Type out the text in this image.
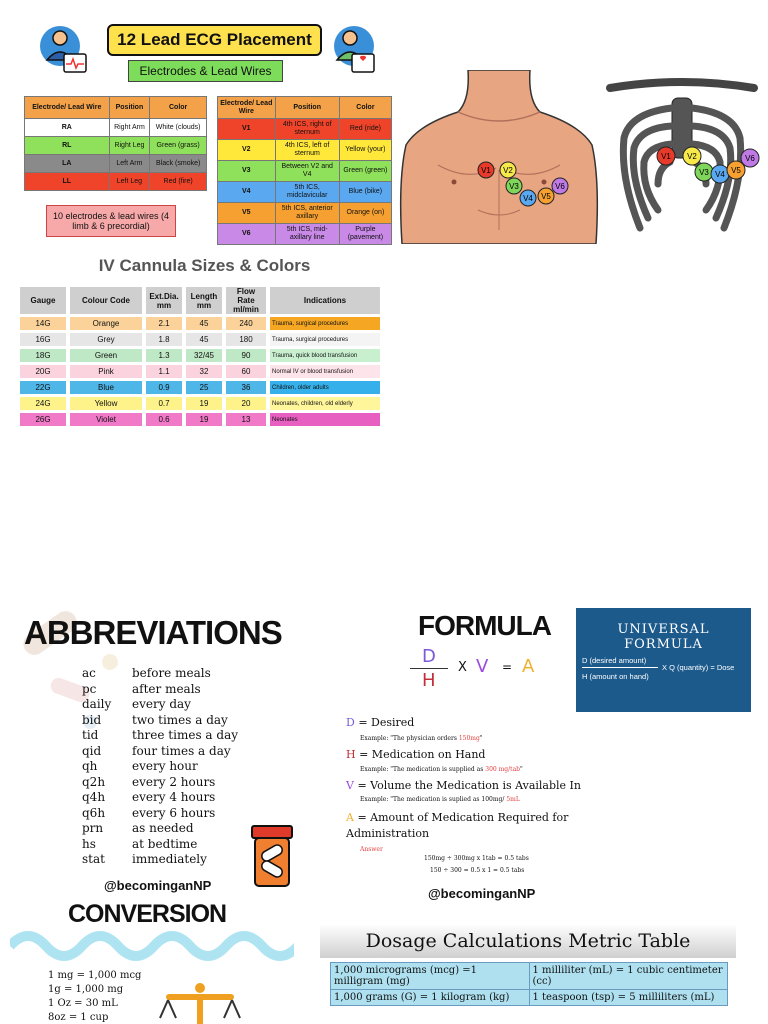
12 Lead ECG Placement
Electrodes & Lead Wires
Electrode/ Lead Wire	Position	Color
RA	Right Arm	White (clouds)
RL	Right Leg	Green (grass)
LA	Left Arm	Black (smoke)
LL	Left Leg	Red (fire)
Electrode/ Lead Wire	Position	Color
V1	4th ICS, right of sternum	Red (ride)
V2	4th ICS, left of sternum	Yellow (your)
V3	Between V2 and V4	Green (green)
V4	5th ICS, midclavicular	Blue (bike)
V5	5th ICS, anterior axillary	Orange (on)
V6	5th ICS, mid-axillary line	Purple (pavement)
10 electrodes & lead wires (4 limb & 6 precordial)
V1 V2
V3
V4 V5
V6
V1 V2
V3 V4 V5
V6
IV Cannula Sizes & Colors
Gauge	Colour Code	Ext.Dia. mm	Length mm	Flow Rate ml/min	Indications
14G	Orange	2.1	45	240	Trauma, surgical procedures
16G	Grey	1.8	45	180	Trauma, surgical procedures
18G	Green	1.3	32/45	90	Trauma, quick blood transfusion
20G	Pink	1.1	32	60	Normal IV or blood transfusion
22G	Blue	0.9	25	36	Children, older adults
24G	Yellow	0.7	19	20	Neonates, children, old elderly
26G	Violet	0.6	19	13	Neonates
ABBREVIATIONS
ac	before meals
pc	after meals
daily every day
bid	two times a day
tid	three times a day
qid	four times a day
qh	every hour
q2h every 2 hours
q4h every 4 hours
q6h every 6 hours
prn as needed
hs	at bedtime
stat immediately
@becominganNP
FORMULA
D
H
X V = A
UNIVERSAL FORMULA
D (desired amount)
X Q (quantity) = Dose
H (amount on hand)
D = Desired
Example: "The physician orders 150mg"
H = Medication on Hand
Example: "The medication is supplied as 300 mg/tab"
V = Volume the Medication is Available In
Example: "The medication is suplied as 100mg/ 5mL
A = Amount of Medication Required for
Administration
Answer
150mg ÷ 300mg x 1tab = 0.5 tabs
150 ÷ 300 = 0.5 x 1 = 0.5 tabs
@becominganNP
CONVERSION
1 mg = 1,000 mcg
1g = 1,000 mg
1 Oz = 30 mL
8oz = 1 cup
Dosage Calculations Metric Table
1,000 micrograms (mcg) =1 milligram (mg)	1 milliliter (mL) = 1 cubic centimeter (cc)
1,000 grams (G) = 1 kilogram (kg)	1 teaspoon (tsp) = 5 milliliters (mL)
